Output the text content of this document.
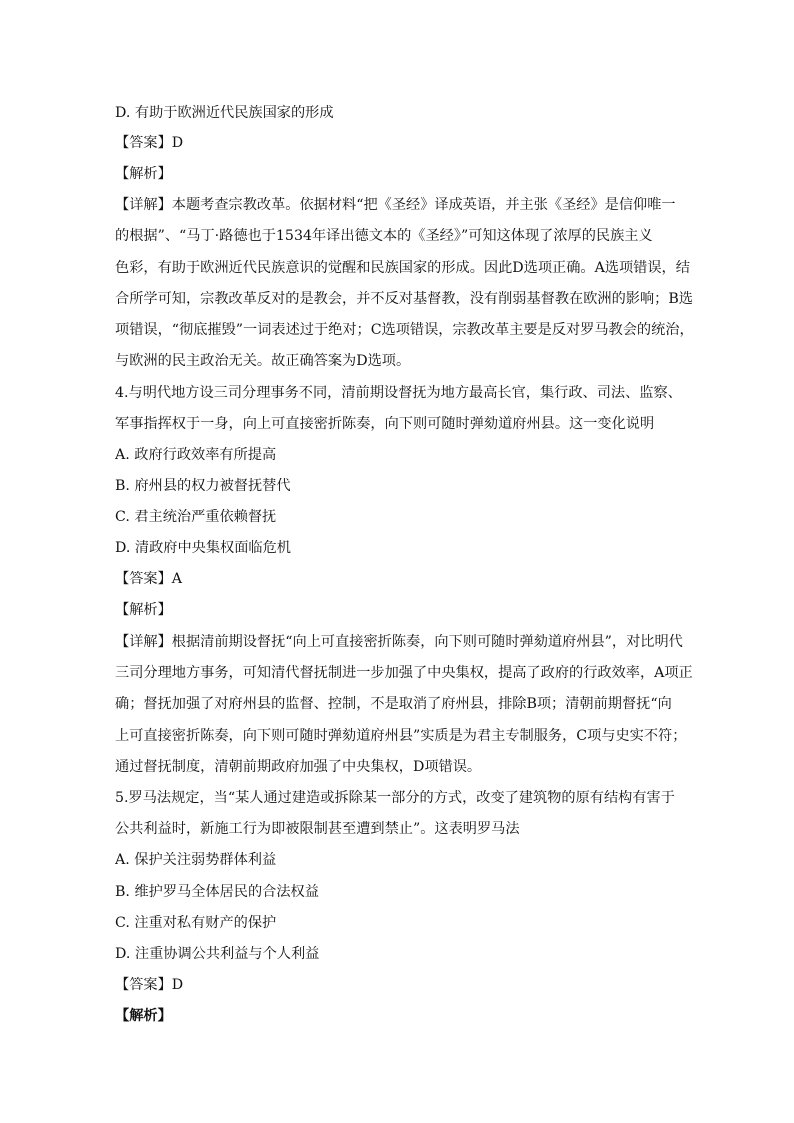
D. 有助于欧洲近代民族国家的形成
【答案】D
【解析】
【详解】本题考查宗教改革。依据材料“把《圣经》译成英语，并主张《圣经》是信仰唯一
的根据”、“马丁·路德也于1534年译出德文本的《圣经》”可知这体现了浓厚的民族主义
色彩，有助于欧洲近代民族意识的觉醒和民族国家的形成。因此D选项正确。A选项错误，结
合所学可知，宗教改革反对的是教会，并不反对基督教，没有削弱基督教在欧洲的影响；B选
项错误，“彻底摧毁”一词表述过于绝对；C选项错误，宗教改革主要是反对罗马教会的统治，
与欧洲的民主政治无关。故正确答案为D选项。
4.与明代地方设三司分理事务不同，清前期设督抚为地方最高长官，集行政、司法、监察、
军事指挥权于一身，向上可直接密折陈奏，向下则可随时弹劾道府州县。这一变化说明
A. 政府行政效率有所提高
B. 府州县的权力被督抚替代
C. 君主统治严重依赖督抚
D. 清政府中央集权面临危机
【答案】A
【解析】
【详解】根据清前期设督抚“向上可直接密折陈奏，向下则可随时弹劾道府州县”，对比明代
三司分理地方事务，可知清代督抚制进一步加强了中央集权，提高了政府的行政效率，A项正
确；督抚加强了对府州县的监督、控制，不是取消了府州县，排除B项；清朝前期督抚“向
上可直接密折陈奏，向下则可随时弹劾道府州县”实质是为君主专制服务，C项与史实不符；
通过督抚制度，清朝前期政府加强了中央集权，D项错误。
5.罗马法规定，当“某人通过建造或拆除某一部分的方式，改变了建筑物的原有结构有害于
公共利益时，新施工行为即被限制甚至遭到禁止”。这表明罗马法
A. 保护关注弱势群体利益
B. 维护罗马全体居民的合法权益
C. 注重对私有财产的保护
D. 注重协调公共利益与个人利益
【答案】D
【解析】
